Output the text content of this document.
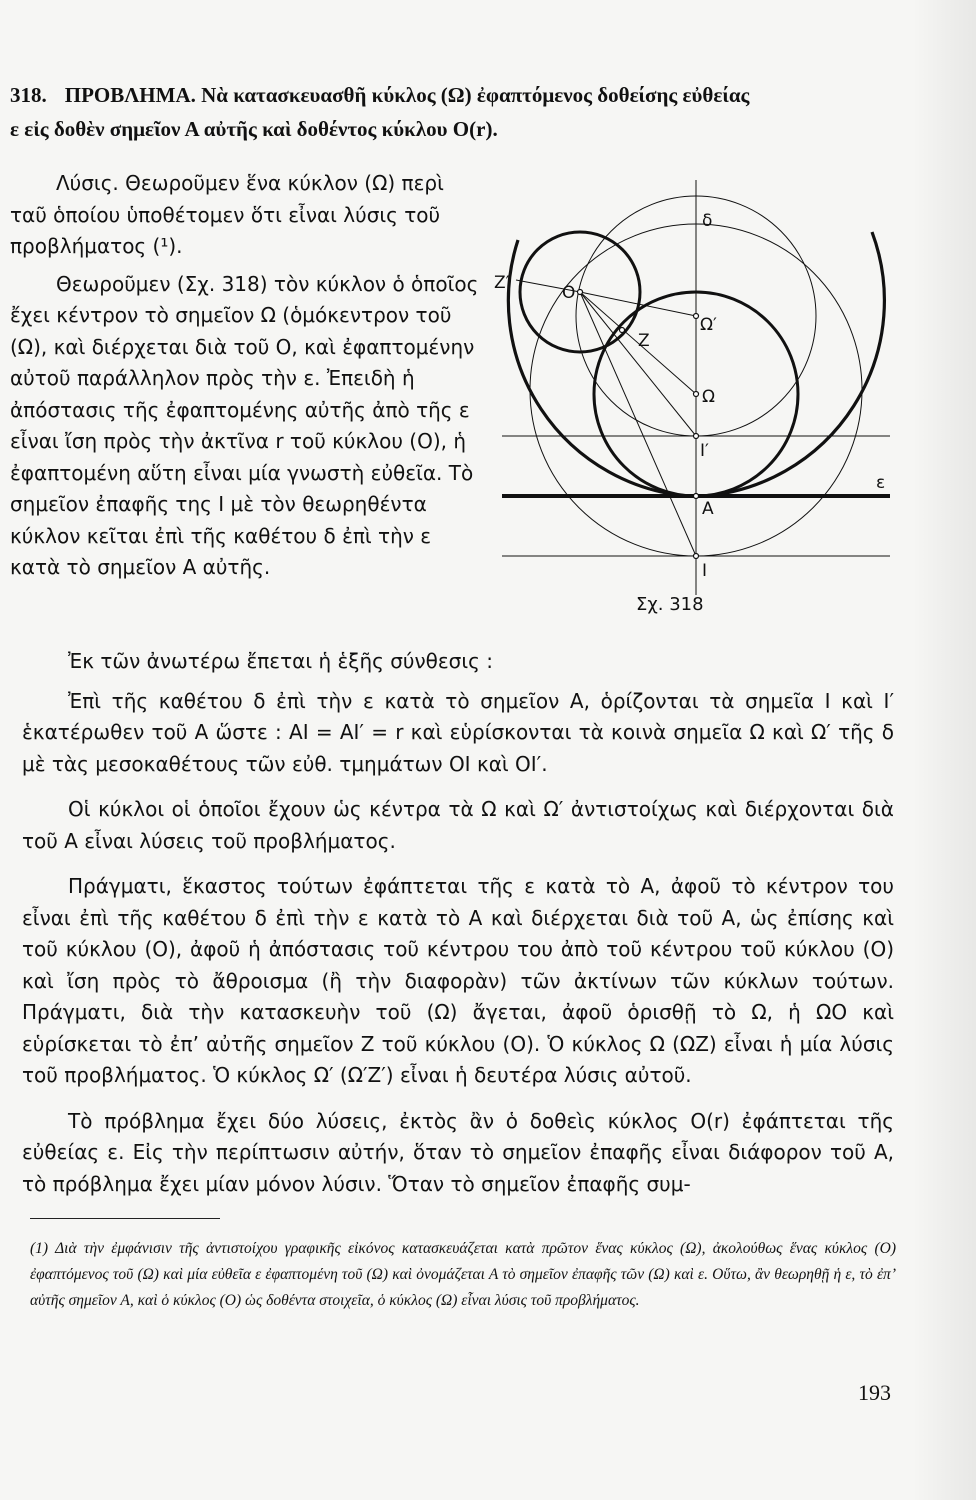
318. ΠΡΟΒΛΗΜΑ. Νὰ κατασκευασθῆ κύκλος (Ω) ἐφαπτόμενος δοθείσης εὐθείας
ε εἰς δοθὲν σημεῖον Α αὐτῆς καὶ δοθέντος κύκλου Ο(r).

Λύσις. Θεωροῦμεν ἕνα κύκλον (Ω) περὶ ταῦ ὁποίου ὑποθέτομεν ὅτι εἶναι λύσις τοῦ προβλήματος (¹).

Θεωροῦμεν (Σχ. 318) τὸν κύκλον ὁ ὁποῖος ἔχει κέντρον τὸ σημεῖον Ω (ὁμόκεντρον τοῦ (Ω), καὶ διέρχεται διὰ τοῦ Ο, καὶ ἐφαπτομένην αὐτοῦ παράλληλον πρὸς τὴν ε. Ἐπειδὴ ἡ ἀπόστασις τῆς ἐφαπτομένης αὐτῆς ἀπὸ τῆς ε εἶναι ἴση πρὸς τὴν ἀκτῖνα r τοῦ κύκλου (Ο), ἡ ἐφαπτομένη αὕτη εἶναι μία γνωστὴ εὐθεῖα. Τὸ σημεῖον ἐπαφῆς της Ι μὲ τὸν θεωρηθέντα κύκλον κεῖται ἐπὶ τῆς καθέτου δ ἐπὶ τὴν ε κατὰ τὸ σημεῖον Α αὐτῆς.

δ
O
Z′
Z
Ω′
Ω
I′
A
I
ε
Σχ. 318

Ἐκ τῶν ἀνωτέρω ἔπεται ἡ ἑξῆς σύνθεσις :

Ἐπὶ τῆς καθέτου δ ἐπὶ τὴν ε κατὰ τὸ σημεῖον Α, ὁρίζονται τὰ σημεῖα Ι καὶ Ι′ ἑκατέρωθεν τοῦ Α ὥστε : ΑΙ = ΑΙ′ = r καὶ εὑρίσκονται τὰ κοινὰ σημεῖα Ω καὶ Ω′ τῆς δ μὲ τὰς μεσοκαθέτους τῶν εὐθ. τμημάτων ΟΙ καὶ ΟΙ′.

Οἱ κύκλοι οἱ ὁποῖοι ἔχουν ὡς κέντρα τὰ Ω καὶ Ω′ ἀντιστοίχως καὶ διέρχονται διὰ τοῦ Α εἶναι λύσεις τοῦ προβλήματος.

Πράγματι, ἕκαστος τούτων ἐφάπτεται τῆς ε κατὰ τὸ Α, ἀφοῦ τὸ κέντρον του εἶναι ἐπὶ τῆς καθέτου δ ἐπὶ τὴν ε κατὰ τὸ Α καὶ διέρχεται διὰ τοῦ Α, ὡς ἐπίσης καὶ τοῦ κύκλου (Ο), ἀφοῦ ἡ ἀπόστασις τοῦ κέντρου του ἀπὸ τοῦ κέντρου τοῦ κύκλου (Ο) καὶ ἴση πρὸς τὸ ἄθροισμα (ἢ τὴν διαφορὰν) τῶν ἀκτίνων τῶν κύκλων τούτων. Πράγματι, διὰ τὴν κατασκευὴν τοῦ (Ω) ἄγεται, ἀφοῦ ὁρισθῇ τὸ Ω, ἡ ΩΟ καὶ εὑρίσκεται τὸ ἐπ’ αὐτῆς σημεῖον Ζ τοῦ κύκλου (Ο). Ὁ κύκλος Ω (ΩΖ) εἶναι ἡ μία λύσις τοῦ προβλήματος. Ὁ κύκλος Ω′ (Ω′Ζ′) εἶναι ἡ δευτέρα λύσις αὐτοῦ.

Τὸ πρόβλημα ἔχει δύο λύσεις, ἐκτὸς ἂν ὁ δοθεὶς κύκλος Ο(r) ἐφάπτεται τῆς εὐθείας ε. Εἰς τὴν περίπτωσιν αὐτήν, ὅταν τὸ σημεῖον ἐπαφῆς εἶναι διάφορον τοῦ Α, τὸ πρόβλημα ἔχει μίαν μόνον λύσιν. Ὅταν τὸ σημεῖον ἐπαφῆς συμ-

(1) Διὰ τὴν ἐμφάνισιν τῆς ἀντιστοίχου γραφικῆς εἰκόνος κατασκευάζεται κατὰ πρῶτον ἕνας κύκλος (Ω), ἀκολούθως ἕνας κύκλος (Ο) ἐφαπτόμενος τοῦ (Ω) καὶ μία εὐθεῖα ε ἐφαπτομένη τοῦ (Ω) καὶ ὀνομάζεται Α τὸ σημεῖον ἐπαφῆς τῶν (Ω) καὶ ε. Οὕτω, ἂν θεωρηθῇ ἡ ε, τὸ ἐπ’ αὐτῆς σημεῖον Α, καὶ ὁ κύκλος (Ο) ὡς δοθέντα στοιχεῖα, ὁ κύκλος (Ω) εἶναι λύσις τοῦ προβλήματος.
193
